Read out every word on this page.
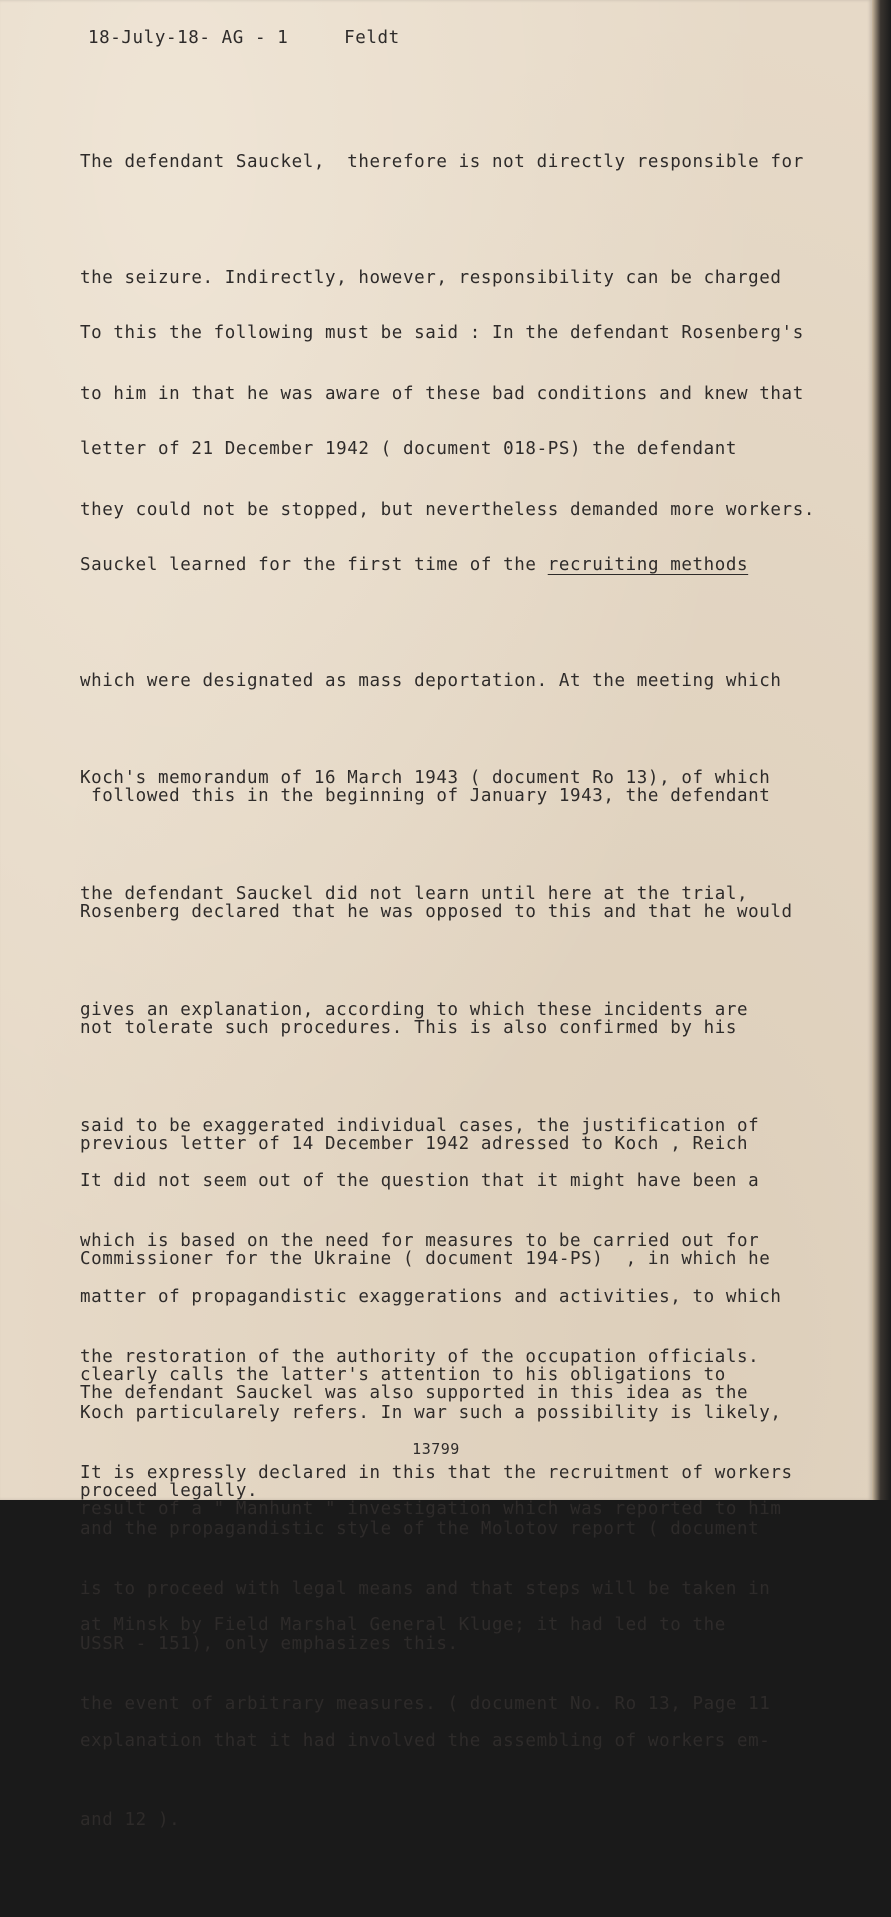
18-July-18- AG - 1     Feldt

The defendant Sauckel,  therefore is not directly responsible for

the seizure. Indirectly, however, responsibility can be charged

to him in that he was aware of these bad conditions and knew that

they could not be stopped, but nevertheless demanded more workers.

To this the following must be said : In the defendant Rosenberg's

letter of 21 December 1942 ( document 018-PS) the defendant

Sauckel learned for the first time of the recruiting methods

which were designated as mass deportation. At the meeting which

followed this in the beginning of January 1943, the defendant

Rosenberg declared that he was opposed to this and that he would

not tolerate such procedures. This is also confirmed by his

previous letter of 14 December 1942 adressed to Koch , Reich

Commissioner for the Ukraine ( document 194-PS)  , in which he

clearly calls the latter's attention to his obligations to

proceed legally.

Koch's memorandum of 16 March 1943 ( document Ro 13), of which

the defendant Sauckel did not learn until here at the trial,

gives an explanation, according to which these incidents are

said to be exaggerated individual cases, the justification of

which is based on the need for measures to be carried out for

the restoration of the authority of the occupation officials.

It is expressly declared in this that the recruitment of workers

is to proceed with legal means and that steps will be taken in

the event of arbitrary measures. ( document No. Ro 13, Page 11

and 12 ).

It did not seem out of the question that it might have been a

matter of propagandistic exaggerations and activities, to which

Koch particularely refers. In war such a possibility is likely,

and the propagandistic style of the Molotov report ( document

USSR - 151), only emphasizes this.

The defendant Sauckel was also supported in this idea as the

result of a " Manhunt " investigation which was reported to him

at Minsk by Field Marshal General Kluge; it had led to the

explanation that it had involved the assembling of workers em-

13799
